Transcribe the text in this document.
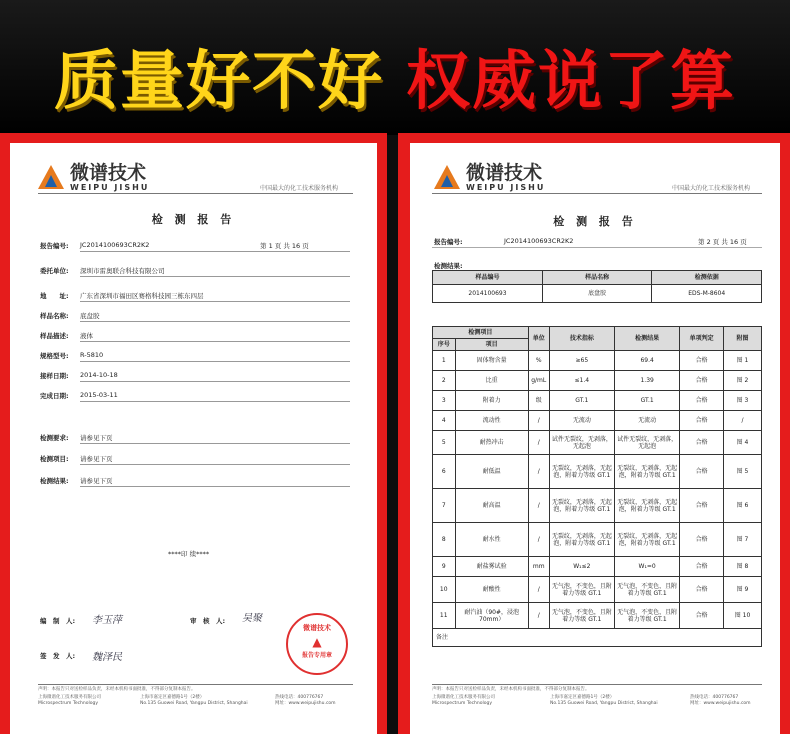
质量好不好 权威说了算
微谱技术
WEIPU JISHU	中国最大的化工技术服务机构
检 测 报 告
第 1 页 共 16 页
报告编号: JC2014100693CR2K2
委托单位: 深圳市雷奥联合科技有限公司
地　　址: 广东省深圳市福田区赛格科技园三栋东四层
样品名称: 底盘胶
样品描述: 液体
规格型号: R-5810
接样日期: 2014-10-18
完成日期: 2015-03-11
检测要求: 请参见下页
检测项目: 请参见下页
检测结果: 请参见下页
****印 续****
编　制　人: 李玉萍	审　核　人: 吴聚
签　发　人: 魏泽民
微谱技术
▲
报告专用章
声明：本报告只对送检样品负责，未经本机构书面批准，不得部分复制本报告。
上海微谱化工技术服务有限公司
Microspectrum Technology
上海市嘉定区嘉德路1号（2楼）
No.135 Guowei Road, Yangpu District, Shanghai
热线电话：400776767
网址：www.weipujishu.com
微谱技术
WEIPU JISHU	中国最大的化工技术服务机构
检 测 报 告
报告编号:	JC2014100693CR2K2	第 2 页 共 16 页
检测结果:
样品编号	样品名称	检测依据
2014100693	底盘胶	EDS-M-8604
检测项目		单位	技术指标	检测结果	单项判定	附图
序号	项目					
1	固体物含量	%	≥65	69.4	合格	图 1
2	比重	g/mL	≤1.4	1.39	合格	图 2
3	附着力	级	GT.1	GT.1	合格	图 3
4	流动性	/	无流动	无流动	合格	/
5	耐热冲击	/	试件无裂纹，无剥落，无起泡	试件无裂纹，无剥落，无起泡	合格	图 4
6	耐低温	/	无裂纹，无剥落，无起泡，附着力等级 GT.1	无裂纹，无剥落，无起泡，附着力等级 GT.1	合格	图 5
7	耐高温	/	无裂纹，无剥落，无起泡，附着力等级 GT.1	无裂纹，无剥落，无起泡，附着力等级 GT.1	合格	图 6
8	耐水性	/	无裂纹，无剥落，无起泡，附着力等级 GT.1	无裂纹，无剥落，无起泡，附着力等级 GT.1	合格	图 7
9	耐盐雾试验	mm	W₁≤2	W₁=0	合格	图 8
10	耐酸性	/	无气泡，不变色，且附着力等级 GT.1	无气泡，不变色，且附着力等级 GT.1	合格	图 9
11	耐汽油（90#，浸泡 70mm）	/	无气泡，不变色，且附着力等级 GT.1	无气泡，不变色，且附着力等级 GT.1	合格	图 10
备注						
声明：本报告只对送检样品负责，未经本机构书面批准，不得部分复制本报告。
上海微谱化工技术服务有限公司
Microspectrum Technology
上海市嘉定区嘉德路1号（2楼）
No.135 Guowei Road, Yangpu District, Shanghai
热线电话：400776767
网址：www.weipujishu.com
